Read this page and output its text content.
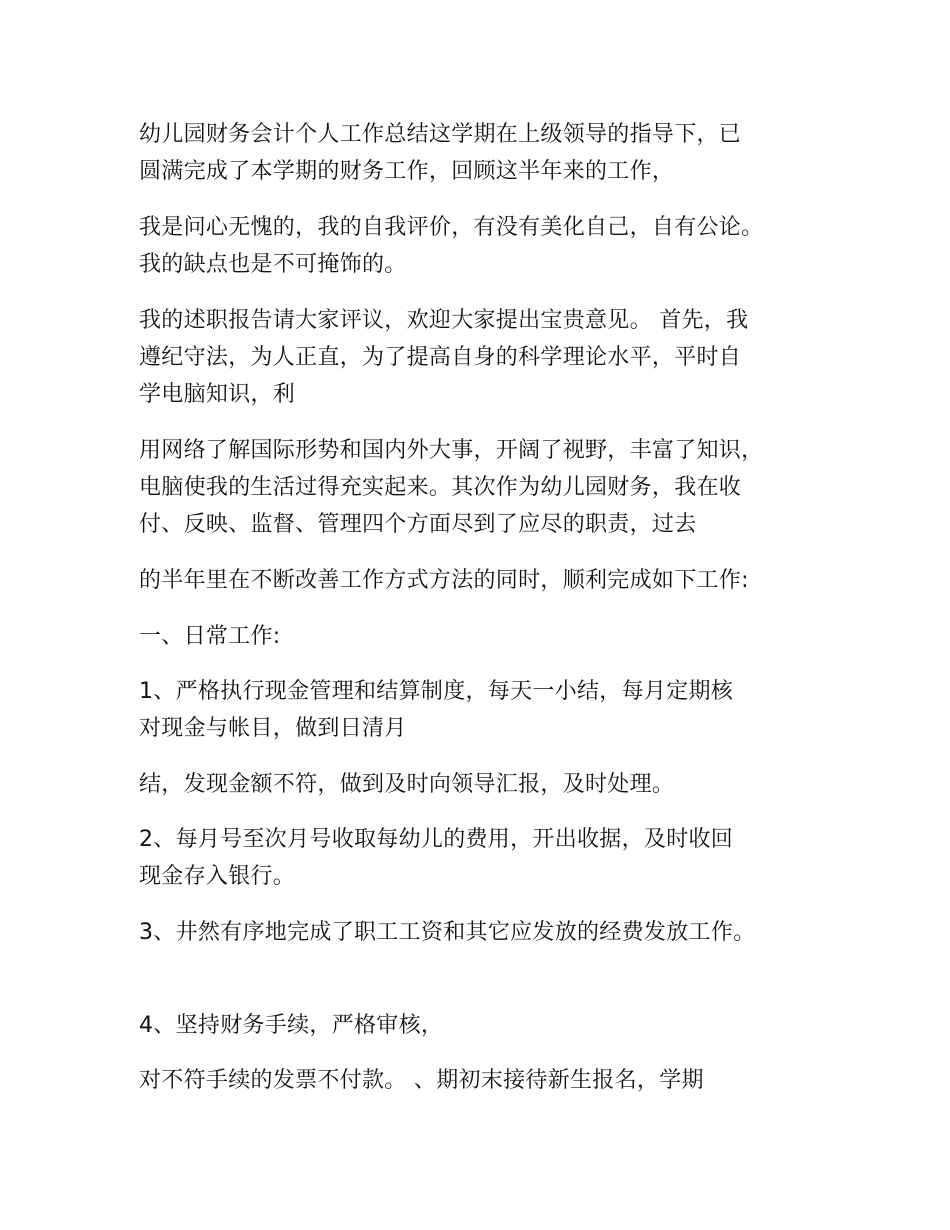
幼儿园财务会计个人工作总结这学期在上级领导的指导下，已

圆满完成了本学期的财务工作，回顾这半年来的工作，

我是问心无愧的，我的自我评价，有没有美化自己，自有公论。

我的缺点也是不可掩饰的。

我的述职报告请大家评议，欢迎大家提出宝贵意见。 首先，我

遵纪守法，为人正直，为了提高自身的科学理论水平，平时自

学电脑知识，利

用网络了解国际形势和国内外大事，开阔了视野，丰富了知识，

电脑使我的生活过得充实起来。其次作为幼儿园财务，我在收

付、反映、监督、管理四个方面尽到了应尽的职责，过去

的半年里在不断改善工作方式方法的同时，顺利完成如下工作:

一、日常工作:

1、严格执行现金管理和结算制度，每天一小结，每月定期核

对现金与帐目，做到日清月

结，发现金额不符，做到及时向领导汇报，及时处理。

2、每月号至次月号收取每幼儿的费用，开出收据，及时收回

现金存入银行。

3、井然有序地完成了职工工资和其它应发放的经费发放工作。

4、坚持财务手续，严格审核，

对不符手续的发票不付款。 、期初末接待新生报名，学期
